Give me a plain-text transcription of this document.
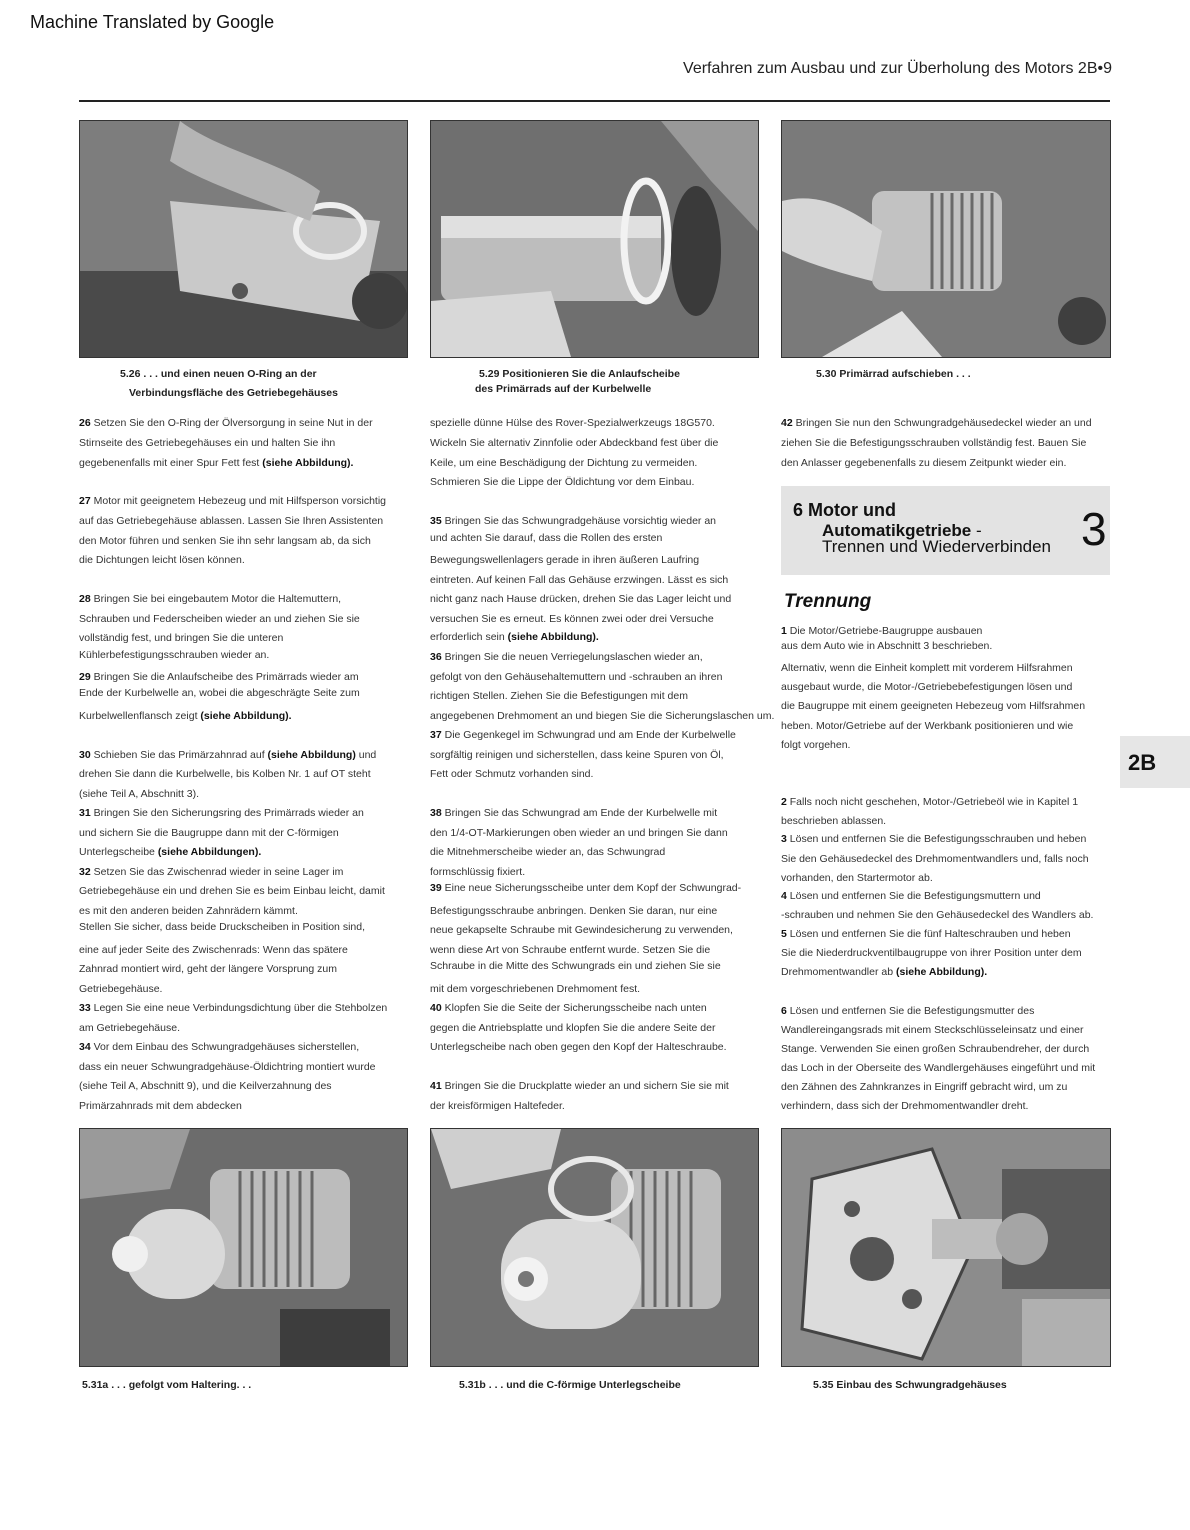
Machine Translated by Google
Verfahren zum Ausbau und zur Überholung des Motors 2B•9
5.26 . . . und einen neuen O-Ring an der
Verbindungsfläche des Getriebegehäuses
5.29 Positionieren Sie die Anlaufscheibe
des Primärrads auf der Kurbelwelle
5.30 Primärrad aufschieben . . .

26 Setzen Sie den O-Ring der Ölversorgung in seine Nut in der

Stirnseite des Getriebegehäuses ein und halten Sie ihn

gegebenenfalls mit einer Spur Fett fest (siehe Abbildung).

27 Motor mit geeignetem Hebezeug und mit Hilfsperson vorsichtig

auf das Getriebegehäuse ablassen. Lassen Sie Ihren Assistenten

den Motor führen und senken Sie ihn sehr langsam ab, da sich

die Dichtungen leicht lösen können.

28 Bringen Sie bei eingebautem Motor die Haltemuttern,

Schrauben und Federscheiben wieder an und ziehen Sie sie

vollständig fest, und bringen Sie die unteren

Kühlerbefestigungsschrauben wieder an.

29 Bringen Sie die Anlaufscheibe des Primärrads wieder am

Ende der Kurbelwelle an, wobei die abgeschrägte Seite zum

Kurbelwellenflansch zeigt (siehe Abbildung).

30 Schieben Sie das Primärzahnrad auf (siehe Abbildung) und

drehen Sie dann die Kurbelwelle, bis Kolben Nr. 1 auf OT steht

(siehe Teil A, Abschnitt 3).

31 Bringen Sie den Sicherungsring des Primärrads wieder an

und sichern Sie die Baugruppe dann mit der C-förmigen

Unterlegscheibe (siehe Abbildungen).

32 Setzen Sie das Zwischenrad wieder in seine Lager im

Getriebegehäuse ein und drehen Sie es beim Einbau leicht, damit

es mit den anderen beiden Zahnrädern kämmt.

Stellen Sie sicher, dass beide Druckscheiben in Position sind,

eine auf jeder Seite des Zwischenrads: Wenn das spätere

Zahnrad montiert wird, geht der längere Vorsprung zum

Getriebegehäuse.

33 Legen Sie eine neue Verbindungsdichtung über die Stehbolzen

am Getriebegehäuse.

34 Vor dem Einbau des Schwungradgehäuses sicherstellen,

dass ein neuer Schwungradgehäuse-Öldichtring montiert wurde

(siehe Teil A, Abschnitt 9), und die Keilverzahnung des

Primärzahnrads mit dem abdecken

spezielle dünne Hülse des Rover-Spezialwerkzeugs 18G570.

Wickeln Sie alternativ Zinnfolie oder Abdeckband fest über die

Keile, um eine Beschädigung der Dichtung zu vermeiden.

Schmieren Sie die Lippe der Öldichtung vor dem Einbau.

35 Bringen Sie das Schwungradgehäuse vorsichtig wieder an

und achten Sie darauf, dass die Rollen des ersten

Bewegungswellenlagers gerade in ihren äußeren Laufring

eintreten. Auf keinen Fall das Gehäuse erzwingen. Lässt es sich

nicht ganz nach Hause drücken, drehen Sie das Lager leicht und

versuchen Sie es erneut. Es können zwei oder drei Versuche

erforderlich sein (siehe Abbildung).

36 Bringen Sie die neuen Verriegelungslaschen wieder an,

gefolgt von den Gehäusehaltemuttern und -schrauben an ihren

richtigen Stellen. Ziehen Sie die Befestigungen mit dem

angegebenen Drehmoment an und biegen Sie die Sicherungslaschen um.

37 Die Gegenkegel im Schwungrad und am Ende der Kurbelwelle

sorgfältig reinigen und sicherstellen, dass keine Spuren von Öl,

Fett oder Schmutz vorhanden sind.

38 Bringen Sie das Schwungrad am Ende der Kurbelwelle mit

den 1/4-OT-Markierungen oben wieder an und bringen Sie dann

die Mitnehmerscheibe wieder an, das Schwungrad

formschlüssig fixiert.

39 Eine neue Sicherungsscheibe unter dem Kopf der Schwungrad-

Befestigungsschraube anbringen. Denken Sie daran, nur eine

neue gekapselte Schraube mit Gewindesicherung zu verwenden,

wenn diese Art von Schraube entfernt wurde. Setzen Sie die

Schraube in die Mitte des Schwungrads ein und ziehen Sie sie

mit dem vorgeschriebenen Drehmoment fest.

40 Klopfen Sie die Seite der Sicherungsscheibe nach unten

gegen die Antriebsplatte und klopfen Sie die andere Seite der

Unterlegscheibe nach oben gegen den Kopf der Halteschraube.

41 Bringen Sie die Druckplatte wieder an und sichern Sie sie mit

der kreisförmigen Haltefeder.

42 Bringen Sie nun den Schwungradgehäusedeckel wieder an und

ziehen Sie die Befestigungsschrauben vollständig fest. Bauen Sie

den Anlasser gegebenenfalls zu diesem Zeitpunkt wieder ein.

6 Motor und
Automatikgetriebe -
Trennen und Wiederverbinden 3
Trennung

1 Die Motor/Getriebe-Baugruppe ausbauen

aus dem Auto wie in Abschnitt 3 beschrieben.

Alternativ, wenn die Einheit komplett mit vorderem Hilfsrahmen

ausgebaut wurde, die Motor-/Getriebebefestigungen lösen und

die Baugruppe mit einem geeigneten Hebezeug vom Hilfsrahmen

heben. Motor/Getriebe auf der Werkbank positionieren und wie

folgt vorgehen.

2 Falls noch nicht geschehen, Motor-/Getriebeöl wie in Kapitel 1

beschrieben ablassen.

3 Lösen und entfernen Sie die Befestigungsschrauben und heben

Sie den Gehäusedeckel des Drehmomentwandlers und, falls noch

vorhanden, den Startermotor ab.

4 Lösen und entfernen Sie die Befestigungsmuttern und

-schrauben und nehmen Sie den Gehäusedeckel des Wandlers ab.

5 Lösen und entfernen Sie die fünf Halteschrauben und heben

Sie die Niederdruckventilbaugruppe von ihrer Position unter dem

Drehmomentwandler ab (siehe Abbildung).

6 Lösen und entfernen Sie die Befestigungsmutter des

Wandlereingangsrads mit einem Steckschlüsseleinsatz und einer

Stange. Verwenden Sie einen großen Schraubendreher, der durch

das Loch in der Oberseite des Wandlergehäuses eingeführt und mit

den Zähnen des Zahnkranzes in Eingriff gebracht wird, um zu

verhindern, dass sich der Drehmomentwandler dreht.

2B
5.31a . . . gefolgt vom Haltering. . .	5.31b . . . und die C-förmige Unterlegscheibe	5.35 Einbau des Schwungradgehäuses
